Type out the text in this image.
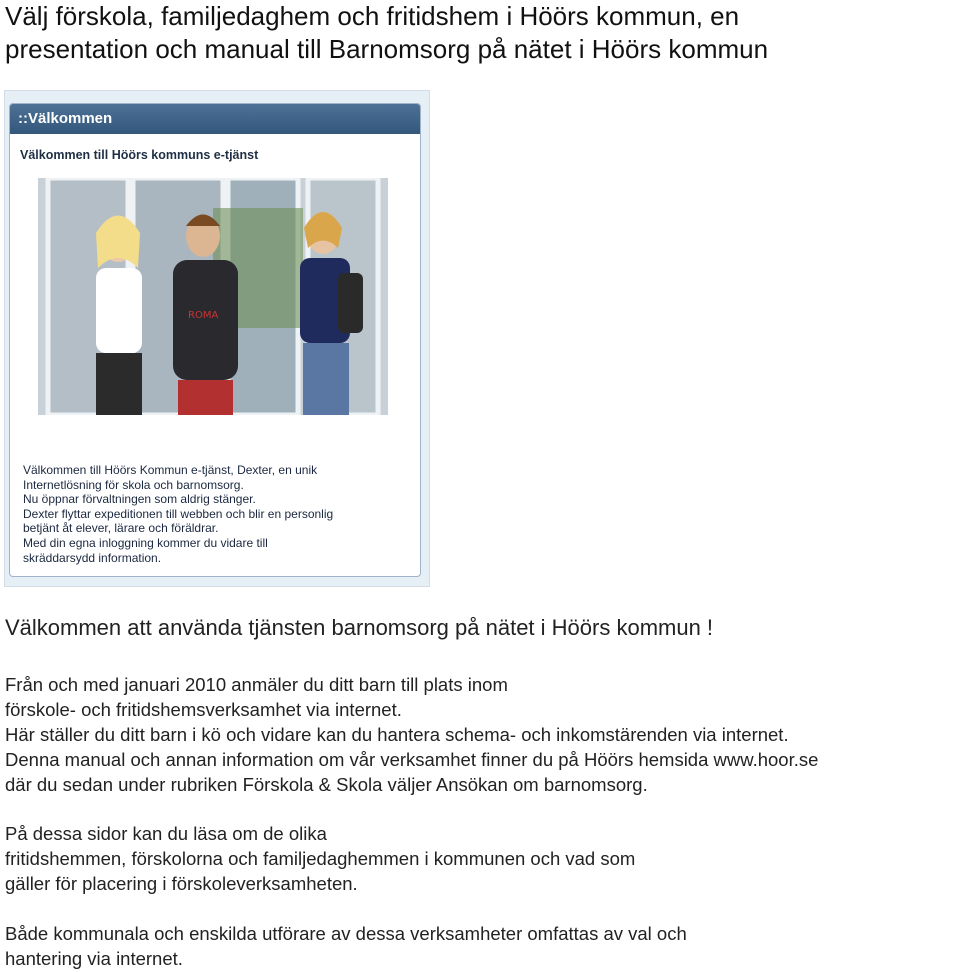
Välj förskola, familjedaghem och fritidshem i Höörs kommun, en
presentation och manual till Barnomsorg på nätet i Höörs kommun
::Välkommen
Välkommen till Höörs kommuns e-tjänst
ROMA

Välkommen till Höörs Kommun e-tjänst, Dexter, en unik

Internetlösning för skola och barnomsorg.

Nu öppnar förvaltningen som aldrig stänger.

Dexter flyttar expeditionen till webben och blir en personlig

betjänt åt elever, lärare och föräldrar.

Med din egna inloggning kommer du vidare till

skräddarsydd information.

Välkommen att använda tjänsten barnomsorg på nätet i Höörs kommun !
Från och med januari 2010 anmäler du ditt barn till plats inom
förskole- och fritidshemsverksamhet via internet.
Här ställer du ditt barn i kö och vidare kan du hantera schema- och inkomstärenden via internet.
Denna manual och annan information om vår verksamhet finner du på Höörs hemsida www.hoor.se
där du sedan under rubriken Förskola & Skola väljer Ansökan om barnomsorg.
På dessa sidor kan du läsa om de olika
fritidshemmen, förskolorna och familjedaghemmen i kommunen och vad som
gäller för placering i förskoleverksamheten.
Både kommunala och enskilda utförare av dessa verksamheter omfattas av val och
hantering via internet.
